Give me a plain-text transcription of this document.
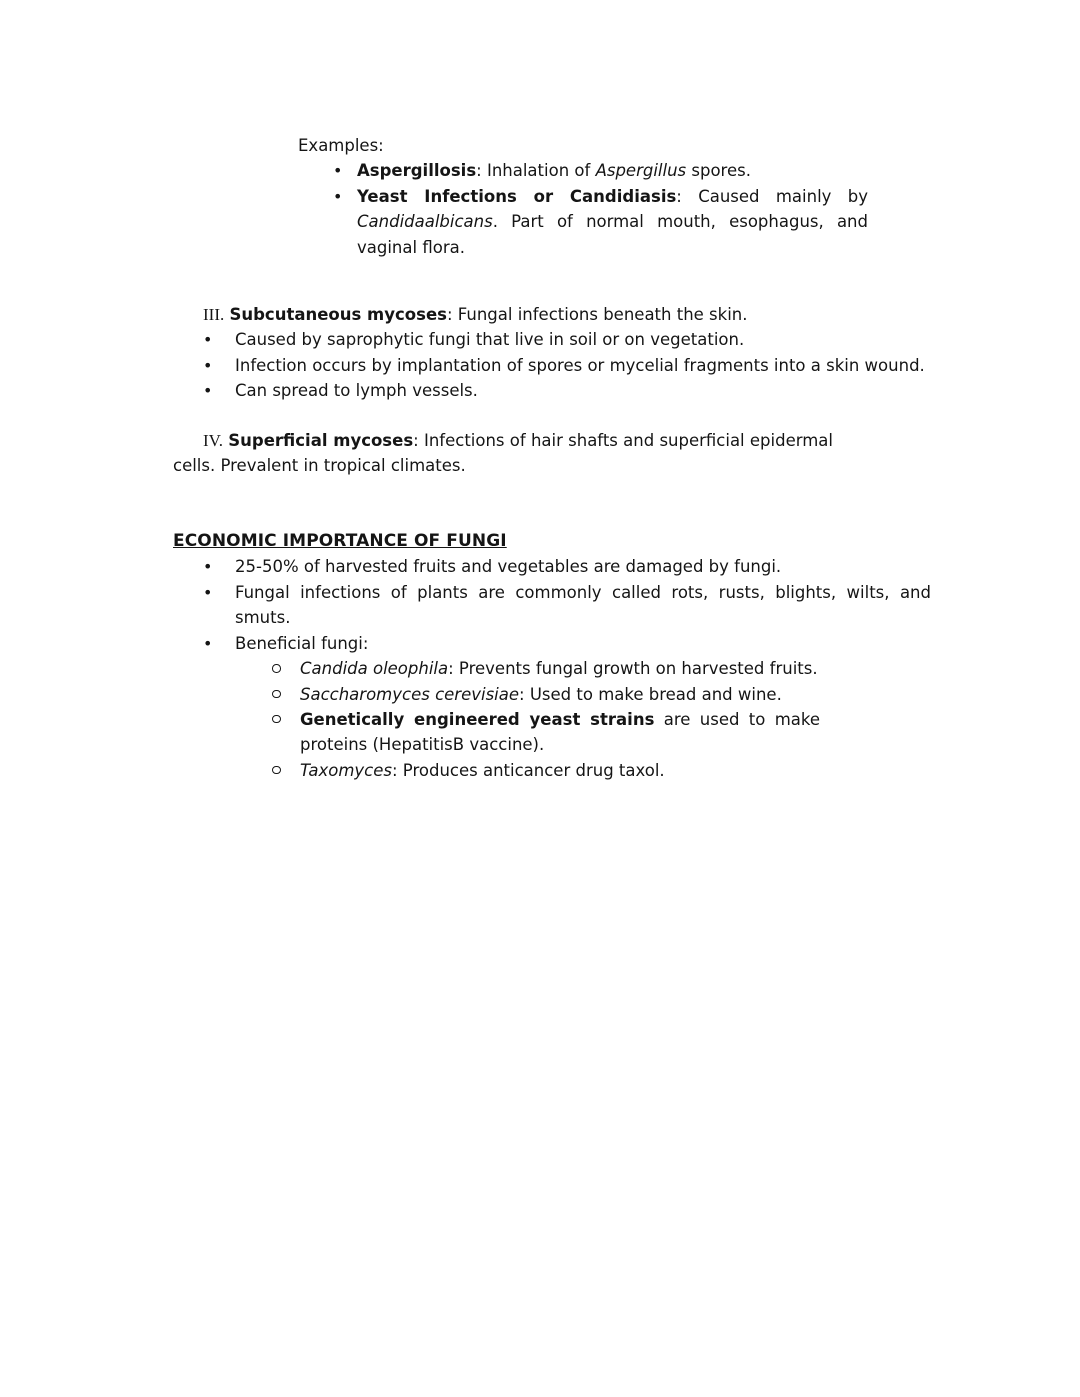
Examples:

• Aspergillosis: Inhalation of Aspergillus spores.
• Yeast Infections or Candidiasis: Caused mainly by Candidaalbicans. Part of normal mouth, esophagus, and vaginal flora.

III. Subcutaneous mycoses: Fungal infections beneath the skin.

• Caused by saprophytic fungi that live in soil or on vegetation.
• Infection occurs by implantation of spores or mycelial fragments into a skin wound.
• Can spread to lymph vessels.

IV. Superficial mycoses: Infections of hair shafts and superficial epidermal cells. Prevalent in tropical climates.

ECONOMIC IMPORTANCE OF FUNGI
• 25-50% of harvested fruits and vegetables are damaged by fungi.
• Fungal infections of plants are commonly called rots, rusts, blights, wilts, and smuts.
• Beneficial fungi:
Candida oleophila: Prevents fungal growth on harvested fruits.
Saccharomyces cerevisiae: Used to make bread and wine.
Genetically engineered yeast strains are used to make proteins (HepatitisB vaccine).
Taxomyces: Produces anticancer drug taxol.
